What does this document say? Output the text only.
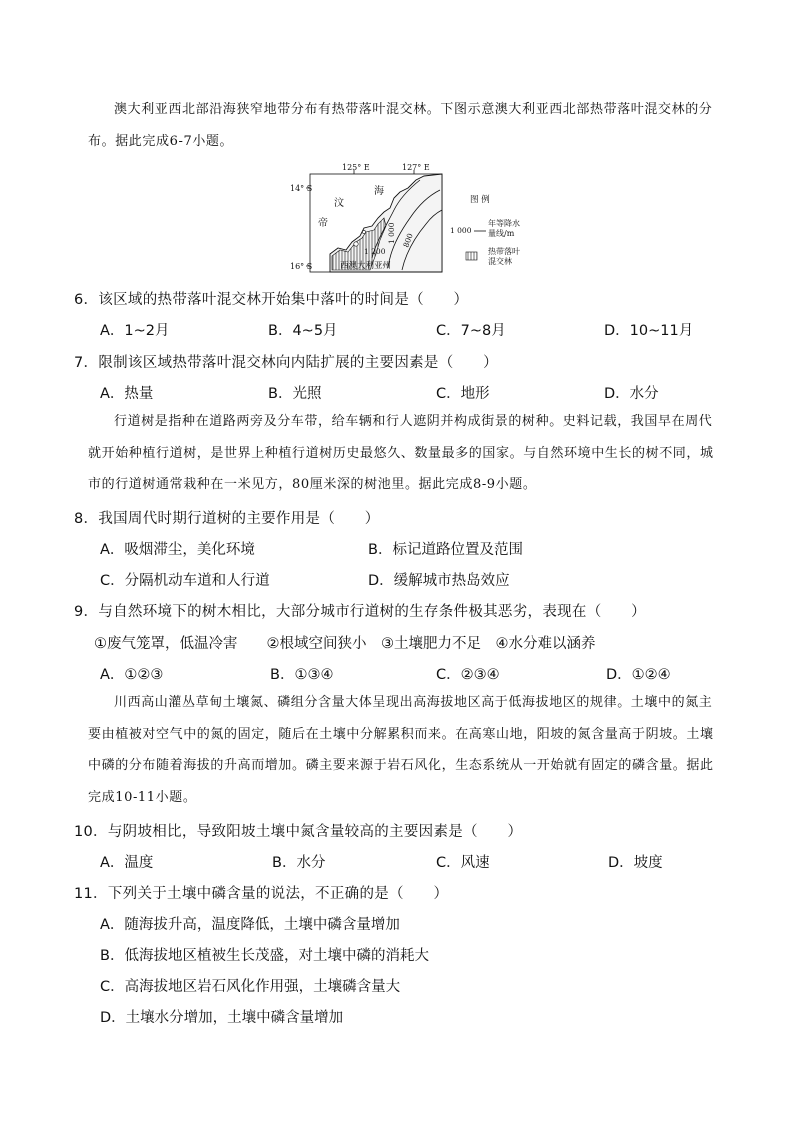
澳大利亚西北部沿海狭窄地带分布有热带落叶混交林。下图示意澳大利亚西北部热带落叶混交林的分布。据此完成6-7小题。

125° E	127° E
14° S
16° S
帝
汶
海
1 200
1 000 800
西澳大利亚州
图 例
1 000
年等降水
量线/m
热带落叶
混交林
6．该区域的热带落叶混交林开始集中落叶的时间是（　　）
A．1~2月	B．4~5月	C．7~8月	D．10~11月
7．限制该区域热带落叶混交林向内陆扩展的主要因素是（　　）
A．热量	B．光照	C．地形	D．水分

行道树是指种在道路两旁及分车带，给车辆和行人遮阴并构成街景的树种。史料记载，我国早在周代就开始种植行道树，是世界上种植行道树历史最悠久、数量最多的国家。与自然环境中生长的树不同，城市的行道树通常栽种在一米见方，80厘米深的树池里。据此完成8-9小题。

8．我国周代时期行道树的主要作用是（　　）
A．吸烟滞尘，美化环境	B．标记道路位置及范围
C．分隔机动车道和人行道	D．缓解城市热岛效应
9．与自然环境下的树木相比，大部分城市行道树的生存条件极其恶劣，表现在（　　）
①废气笼罩，低温冷害　　②根域空间狭小　③土壤肥力不足　④水分难以涵养
A．①②③	B．①③④	C．②③④	D．①②④

川西高山灌丛草甸土壤氮、磷组分含量大体呈现出高海拔地区高于低海拔地区的规律。土壤中的氮主要由植被对空气中的氮的固定，随后在土壤中分解累积而来。在高寒山地，阳坡的氮含量高于阴坡。土壤中磷的分布随着海拔的升高而增加。磷主要来源于岩石风化，生态系统从一开始就有固定的磷含量。据此完成10-11小题。

10．与阴坡相比，导致阳坡土壤中氮含量较高的主要因素是（　　）
A．温度	B．水分	C．风速	D．坡度
11．下列关于土壤中磷含量的说法，不正确的是（　　）
A．随海拔升高，温度降低，土壤中磷含量增加
B．低海拔地区植被生长茂盛，对土壤中磷的消耗大
C．高海拔地区岩石风化作用强，土壤磷含量大
D．土壤水分增加，土壤中磷含量增加
